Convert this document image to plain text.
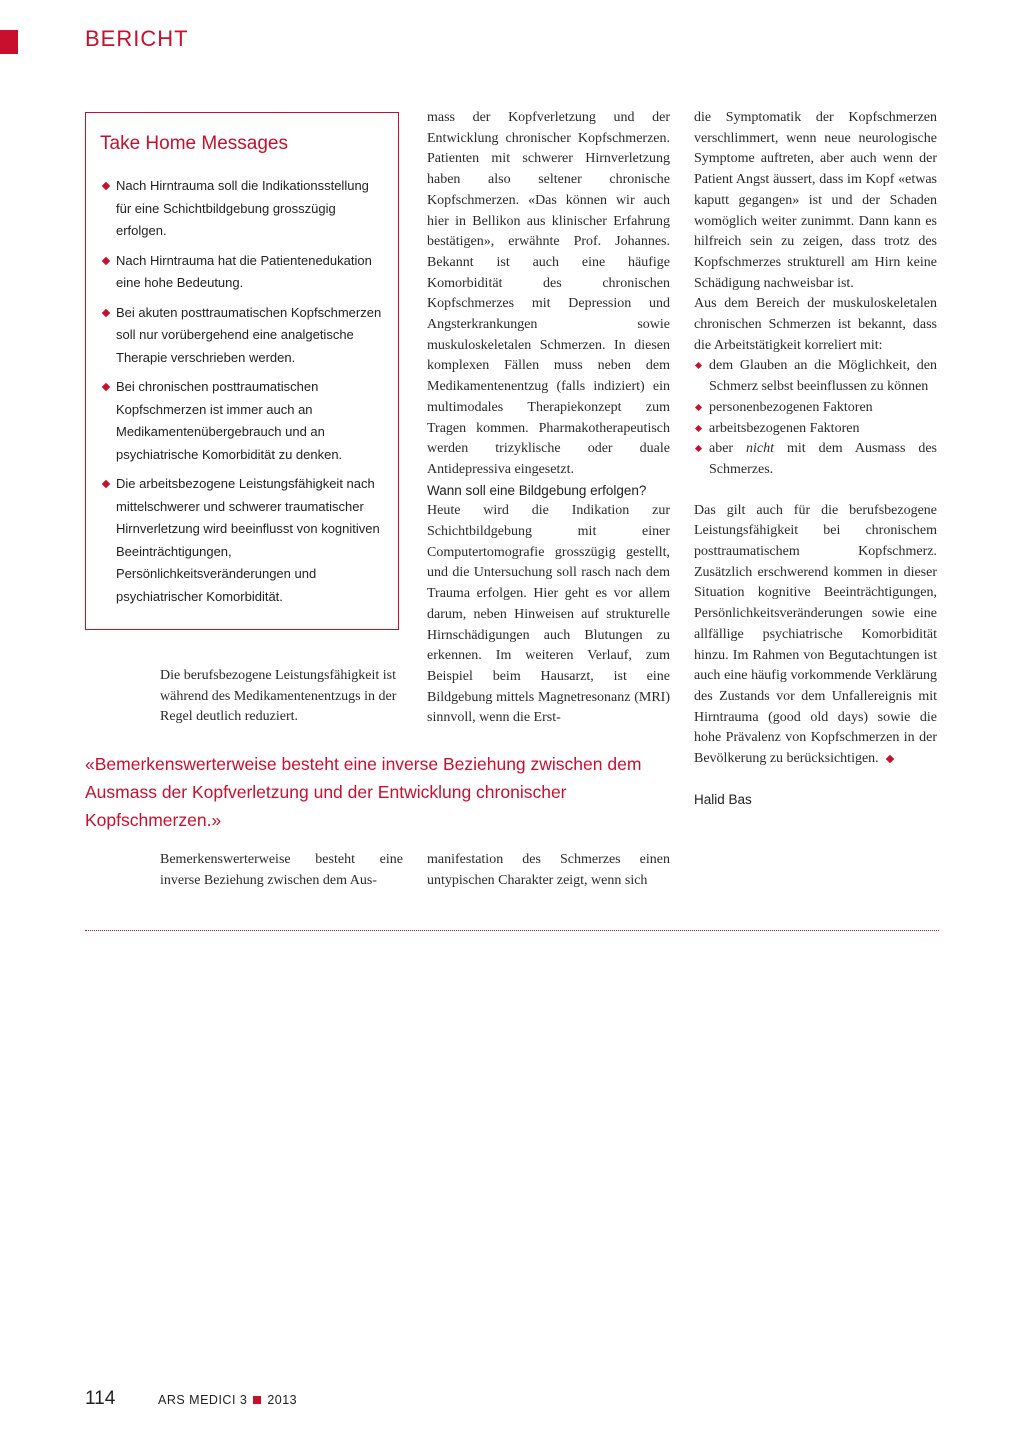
BERICHT
Take Home Messages
Nach Hirntrauma soll die Indikationsstellung für eine Schichtbildgebung grosszügig erfolgen.
Nach Hirntrauma hat die Patientenedukation eine hohe Bedeutung.
Bei akuten posttraumatischen Kopfschmerzen soll nur vorübergehend eine analgetische Therapie verschrieben werden.
Bei chronischen posttraumatischen Kopfschmerzen ist immer auch an Medikamentenübergebrauch und an psychiatrische Komorbidität zu denken.
Die arbeitsbezogene Leistungsfähigkeit nach mittelschwerer und schwerer traumatischer Hirnverletzung wird beeinflusst von kognitiven Beeinträchtigungen, Persönlichkeitsveränderungen und psychiatrischer Komorbidität.

Die berufsbezogene Leistungsfähigkeit ist während des Medikamentenentzugs in der Regel deutlich reduziert.

«Bemerkenswerterweise besteht eine inverse Beziehung zwischen dem Ausmass der Kopfverletzung und der Entwicklung chronischer Kopfschmerzen.»

Bemerkenswerterweise besteht eine inverse Beziehung zwischen dem Aus-

mass der Kopfverletzung und der Entwicklung chronischer Kopfschmerzen. Patienten mit schwerer Hirnverletzung haben also seltener chronische Kopfschmerzen. «Das können wir auch hier in Bellikon aus klinischer Erfahrung bestätigen», erwähnte Prof. Johannes. Bekannt ist auch eine häufige Komorbidität des chronischen Kopfschmerzes mit Depression und Angsterkrankungen sowie muskuloskeletalen Schmerzen. In diesen komplexen Fällen muss neben dem Medikamentenentzug (falls indiziert) ein multimodales Therapiekonzept zum Tragen kommen. Pharmakotherapeutisch werden trizyklische oder duale Antidepressiva eingesetzt.

Wann soll eine Bildgebung erfolgen?

Heute wird die Indikation zur Schichtbildgebung mit einer Computertomografie grosszügig gestellt, und die Untersuchung soll rasch nach dem Trauma erfolgen. Hier geht es vor allem darum, neben Hinweisen auf strukturelle Hirnschädigungen auch Blutungen zu erkennen. Im weiteren Verlauf, zum Beispiel beim Hausarzt, ist eine Bildgebung mittels Magnetresonanz (MRI) sinnvoll, wenn die Erst-

manifestation des Schmerzes einen untypischen Charakter zeigt, wenn sich

die Symptomatik der Kopfschmerzen verschlimmert, wenn neue neurologische Symptome auftreten, aber auch wenn der Patient Angst äussert, dass im Kopf «etwas kaputt gegangen» ist und der Schaden womöglich weiter zunimmt. Dann kann es hilfreich sein zu zeigen, dass trotz des Kopfschmerzes strukturell am Hirn keine Schädigung nachweisbar ist.

Aus dem Bereich der muskuloskeletalen chronischen Schmerzen ist bekannt, dass die Arbeitstätigkeit korreliert mit:

dem Glauben an die Möglichkeit, den Schmerz selbst beeinflussen zu können
personenbezogenen Faktoren
arbeitsbezogenen Faktoren
aber nicht mit dem Ausmass des Schmerzes.

Das gilt auch für die berufsbezogene Leistungsfähigkeit bei chronischem posttraumatischem Kopfschmerz. Zusätzlich erschwerend kommen in dieser Situation kognitive Beeinträchtigungen, Persönlichkeitsveränderungen sowie eine allfällige psychiatrische Komorbidität hinzu. Im Rahmen von Begutachtungen ist auch eine häufig vorkommende Verklärung des Zustands vor dem Unfallereignis mit Hirntrauma (good old days) sowie die hohe Prävalenz von Kopfschmerzen in der Bevölkerung zu berücksichtigen.

Halid Bas

114	ARS MEDICI 3 2013
